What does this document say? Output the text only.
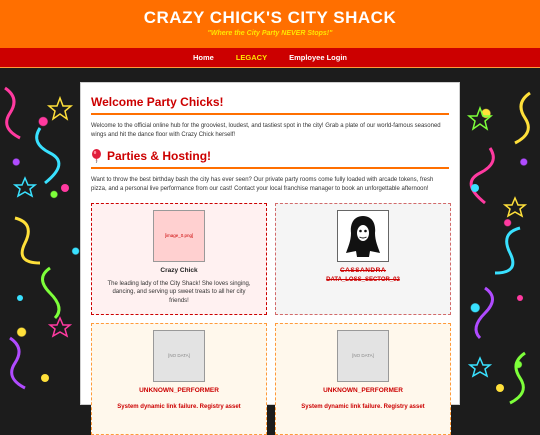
CRAZY CHICK'S CITY SHACK
"Where the City Party NEVER Stops!"
Home	LEGACY	Employee Login
Welcome Party Chicks!

Welcome to the official online hub for the grooviest, loudest, and tastiest spot in the city! Grab a plate of our world-famous seasoned wings and hit the dance floor with Crazy Chick herself!

Parties & Hosting!

Want to throw the best birthday bash the city has ever seen? Our private party rooms come fully loaded with arcade tokens, fresh pizza, and a personal live performance from our cast! Contact your local franchise manager to book an unforgettable afternoon!

[image_0.png]
Crazy Chick
The leading lady of the City Shack! She loves singing, dancing, and serving up sweet treats to all her city friends!
CASSANDRA
DATA_LOSS_SECTOR_02
[NO DATA]
UNKNOWN_PERFORMER
System dynamic link failure. Registry asset
[NO DATA]
UNKNOWN_PERFORMER
System dynamic link failure. Registry asset
